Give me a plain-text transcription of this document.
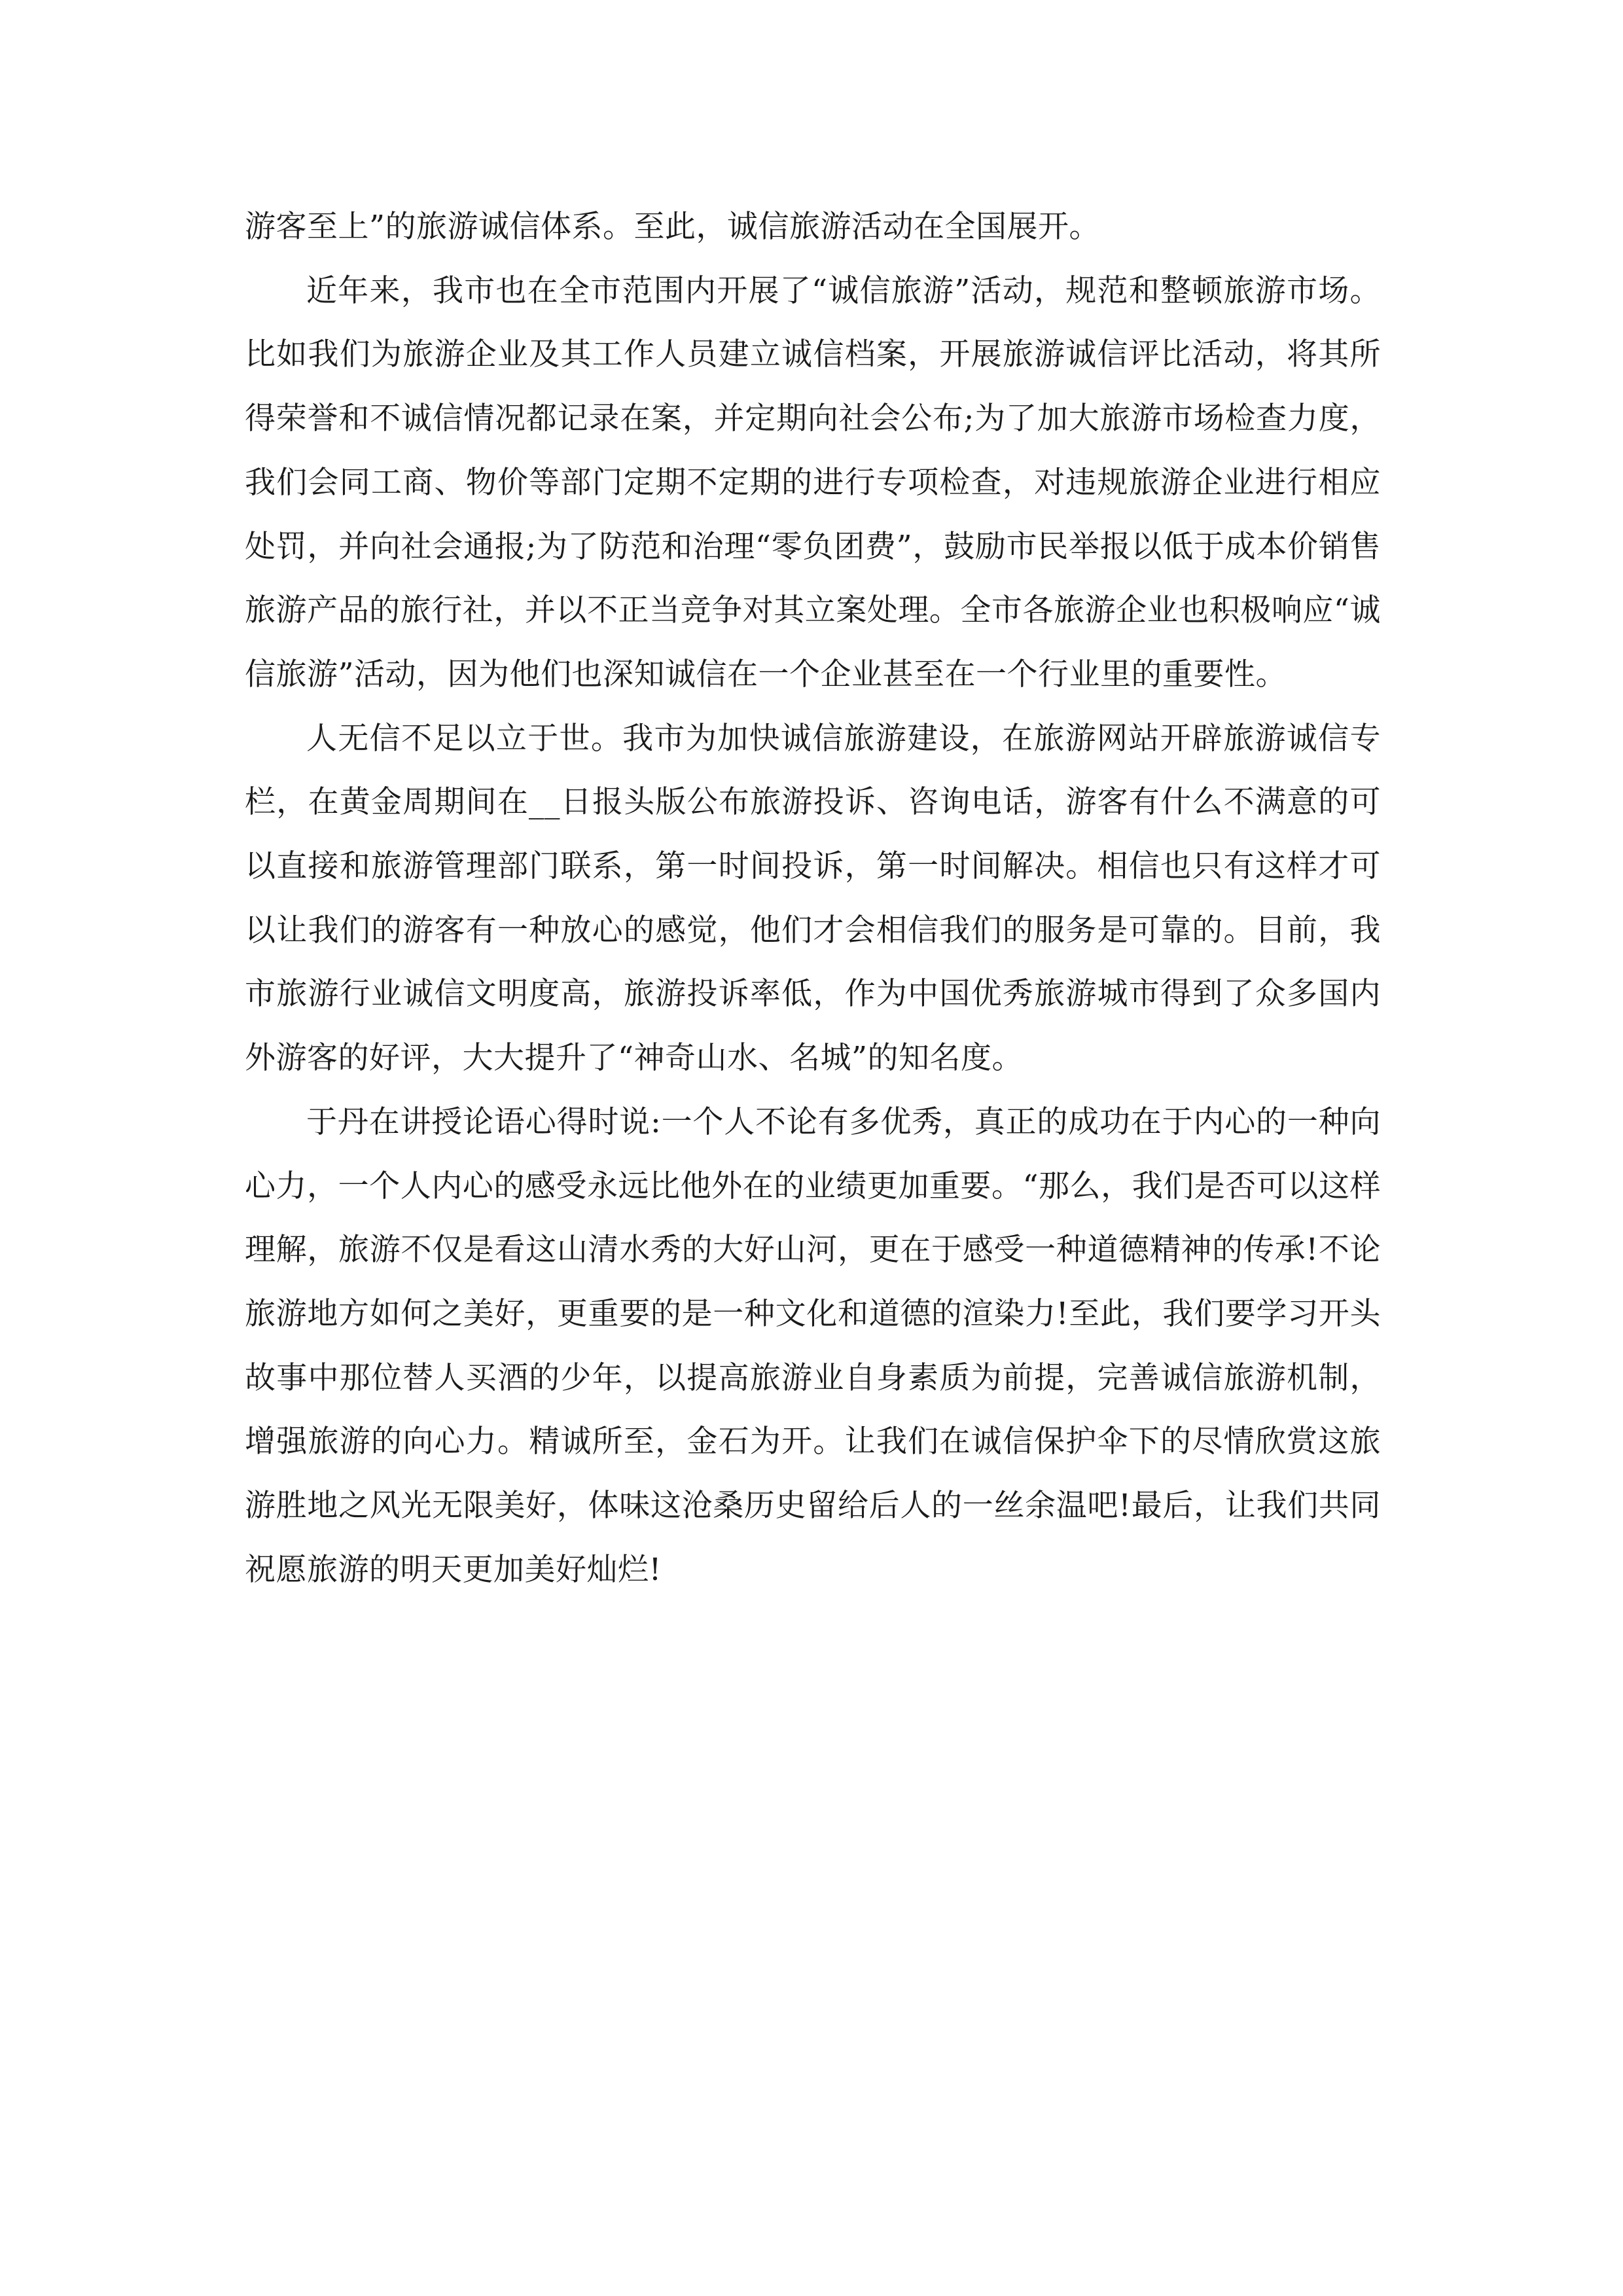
游客至上”的旅游诚信体系。至此，诚信旅游活动在全国展开。

近年来，我市也在全市范围内开展了“诚信旅游”活动，规范和整顿旅游市场。比如我们为旅游企业及其工作人员建立诚信档案，开展旅游诚信评比活动，将其所得荣誉和不诚信情况都记录在案，并定期向社会公布;为了加大旅游市场检查力度，我们会同工商、物价等部门定期不定期的进行专项检查，对违规旅游企业进行相应处罚，并向社会通报;为了防范和治理“零负团费”，鼓励市民举报以低于成本价销售旅游产品的旅行社，并以不正当竞争对其立案处理。全市各旅游企业也积极响应“诚信旅游”活动，因为他们也深知诚信在一个企业甚至在一个行业里的重要性。

人无信不足以立于世。我市为加快诚信旅游建设，在旅游网站开辟旅游诚信专栏，在黄金周期间在__日报头版公布旅游投诉、咨询电话，游客有什么不满意的可以直接和旅游管理部门联系，第一时间投诉，第一时间解决。相信也只有这样才可以让我们的游客有一种放心的感觉，他们才会相信我们的服务是可靠的。目前，我市旅游行业诚信文明度高，旅游投诉率低，作为中国优秀旅游城市得到了众多国内外游客的好评，大大提升了“神奇山水、名城”的知名度。

于丹在讲授论语心得时说:一个人不论有多优秀，真正的成功在于内心的一种向心力，一个人内心的感受永远比他外在的业绩更加重要。“那么，我们是否可以这样理解，旅游不仅是看这山清水秀的大好山河，更在于感受一种道德精神的传承!不论旅游地方如何之美好，更重要的是一种文化和道德的渲染力!至此，我们要学习开头故事中那位替人买酒的少年，以提高旅游业自身素质为前提，完善诚信旅游机制，增强旅游的向心力。精诚所至，金石为开。让我们在诚信保护伞下的尽情欣赏这旅游胜地之风光无限美好，体味这沧桑历史留给后人的一丝余温吧!最后，让我们共同祝愿旅游的明天更加美好灿烂!
